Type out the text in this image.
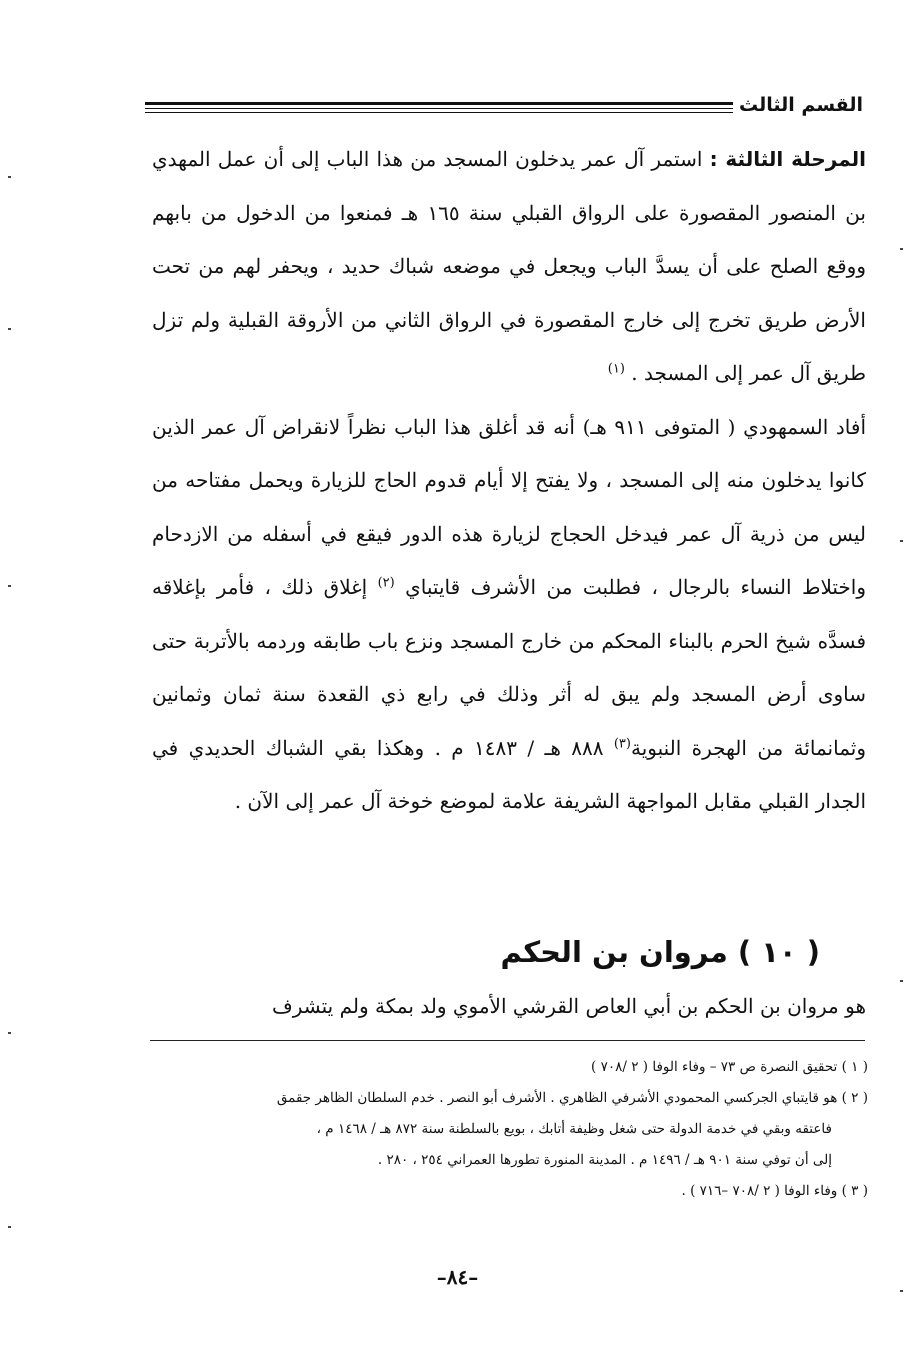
القسم الثالث

المرحلة الثالثة : استمر آل عمر يدخلون المسجد من هذا الباب إلى أن عمل المهدي بن المنصور المقصورة على الرواق القبلي سنة ١٦٥ هـ فمنعوا من الدخول من بابهم ووقع الصلح على أن يسدَّ الباب ويجعل في موضعه شباك حديد ، ويحفر لهم من تحت الأرض طريق تخرج إلى خارج المقصورة في الرواق الثاني من الأروقة القبلية ولم تزل طريق آل عمر إلى المسجد . $^{(١)}$

أفاد السمهودي ( المتوفى ٩١١ هـ) أنه قد أغلق هذا الباب نظراً لانقراض آل عمر الذين كانوا يدخلون منه إلى المسجد ، ولا يفتح إلا أيام قدوم الحاج للزيارة ويحمل مفتاحه من ليس من ذرية آل عمر فيدخل الحجاج لزيارة هذه الدور فيقع في أسفله من الازدحام واختلاط النساء بالرجال ، فطلبت من الأشرف قايتباي $^{(٢)}$ إغلاق ذلك ، فأمر بإغلاقه فسدَّه شيخ الحرم بالبناء المحكم من خارج المسجد ونزع باب طابقه وردمه بالأتربة حتى ساوى أرض المسجد ولم يبق له أثر وذلك في رابع ذي القعدة سنة ثمان وثمانين وثمانمائة من الهجرة النبوية$^{(٣)}$ ٨٨٨ هـ / ١٤٨٣ م . وهكذا بقي الشباك الحديدي في الجدار القبلي مقابل المواجهة الشريفة علامة لموضع خوخة آل عمر إلى الآن .

( ١٠ ) مروان بن الحكم

هو مروان بن الحكم بن أبي العاص القرشي الأموي ولد بمكة ولم يتشرف

( ١ ) تحقيق النصرة ص ٧٣ – وفاء الوفا ( ٢ /٧٠٨ )
( ٢ ) هو قايتباي الجركسي المحمودي الأشرفي الظاهري . الأشرف أبو النصر . خدم السلطان الظاهر جقمق
فاعتقه وبقي في خدمة الدولة حتى شغل وظيفة أتابك ، بويع بالسلطنة سنة ٨٧٢ هـ / ١٤٦٨ م ،
إلى أن توفي سنة ٩٠١ هـ / ١٤٩٦ م . المدينة المنورة تطورها العمراني ٢٥٤ ، ٢٨٠ .
( ٣ ) وفاء الوفا ( ٢ /٧٠٨ –٧١٦ ) .
–٨٤–
